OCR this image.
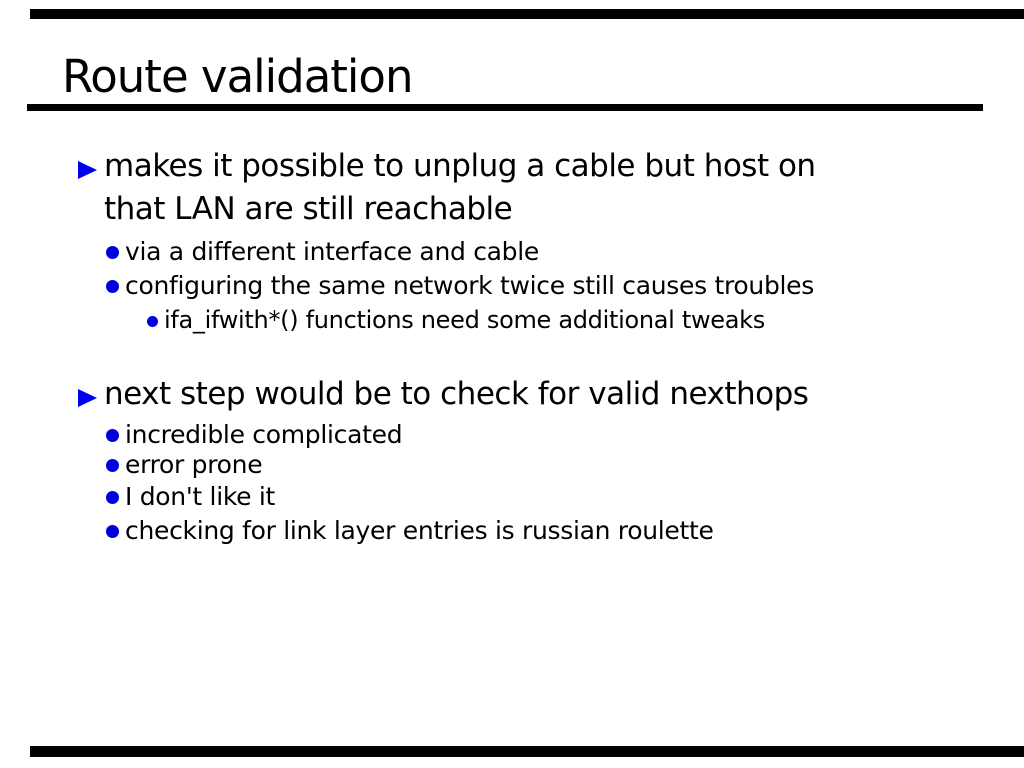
Route validation
makes it possible to unplug a cable but host on
that LAN are still reachable
via a different interface and cable
configuring the same network twice still causes troubles
ifa_ifwith*() functions need some additional tweaks
next step would be to check for valid nexthops
incredible complicated
error prone
I don't like it
checking for link layer entries is russian roulette
